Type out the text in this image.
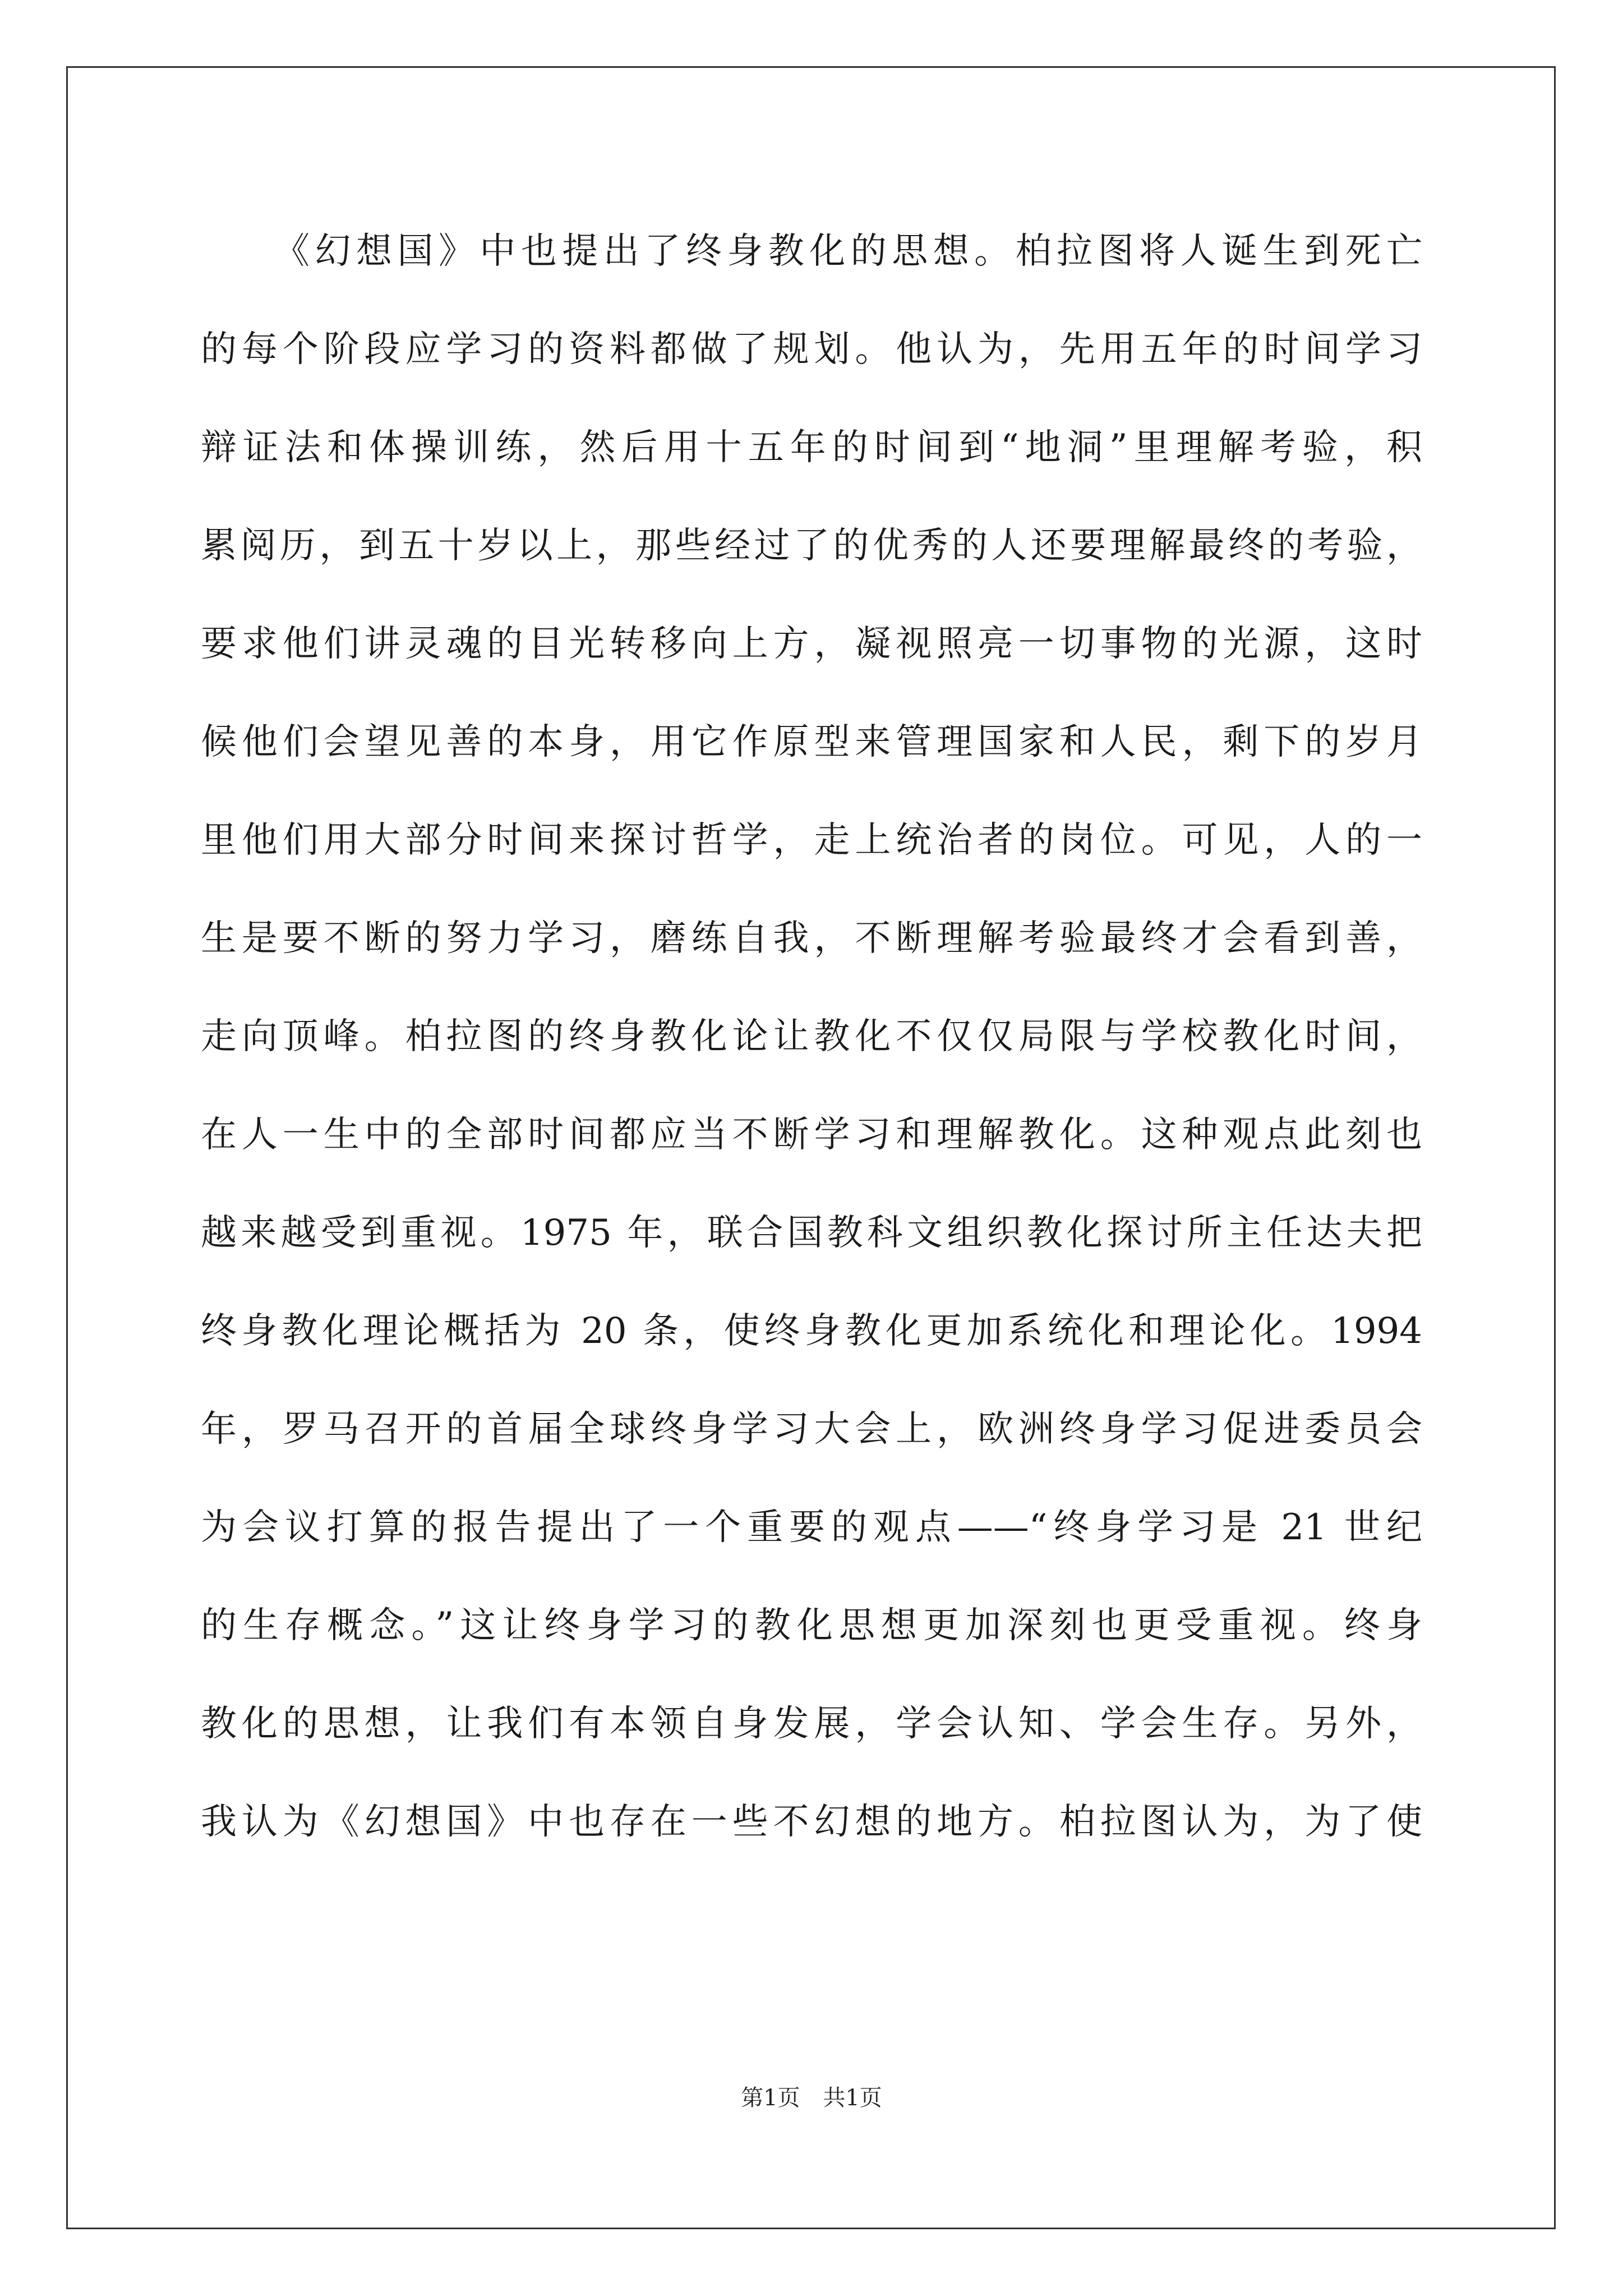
《幻想国》中也提出了终身教化的思想。柏拉图将人诞生到死亡
的每个阶段应学习的资料都做了规划。他认为，先用五年的时间学习
辩证法和体操训练，然后用十五年的时间到“地洞”里理解考验，积
累阅历，到五十岁以上，那些经过了的优秀的人还要理解最终的考验，
要求他们讲灵魂的目光转移向上方，凝视照亮一切事物的光源，这时
候他们会望见善的本身，用它作原型来管理国家和人民，剩下的岁月
里他们用大部分时间来探讨哲学，走上统治者的岗位。可见，人的一
生是要不断的努力学习，磨练自我，不断理解考验最终才会看到善，
走向顶峰。柏拉图的终身教化论让教化不仅仅局限与学校教化时间，
在人一生中的全部时间都应当不断学习和理解教化。这种观点此刻也
越来越受到重视。1975 年，联合国教科文组织教化探讨所主任达夫把
终身教化理论概括为 20 条，使终身教化更加系统化和理论化。1994
年，罗马召开的首届全球终身学习大会上，欧洲终身学习促进委员会
为会议打算的报告提出了一个重要的观点——“终身学习是 21 世纪
的生存概念。”这让终身学习的教化思想更加深刻也更受重视。终身
教化的思想，让我们有本领自身发展，学会认知、学会生存。另外，
我认为《幻想国》中也存在一些不幻想的地方。柏拉图认为，为了使
第1页 共1页
